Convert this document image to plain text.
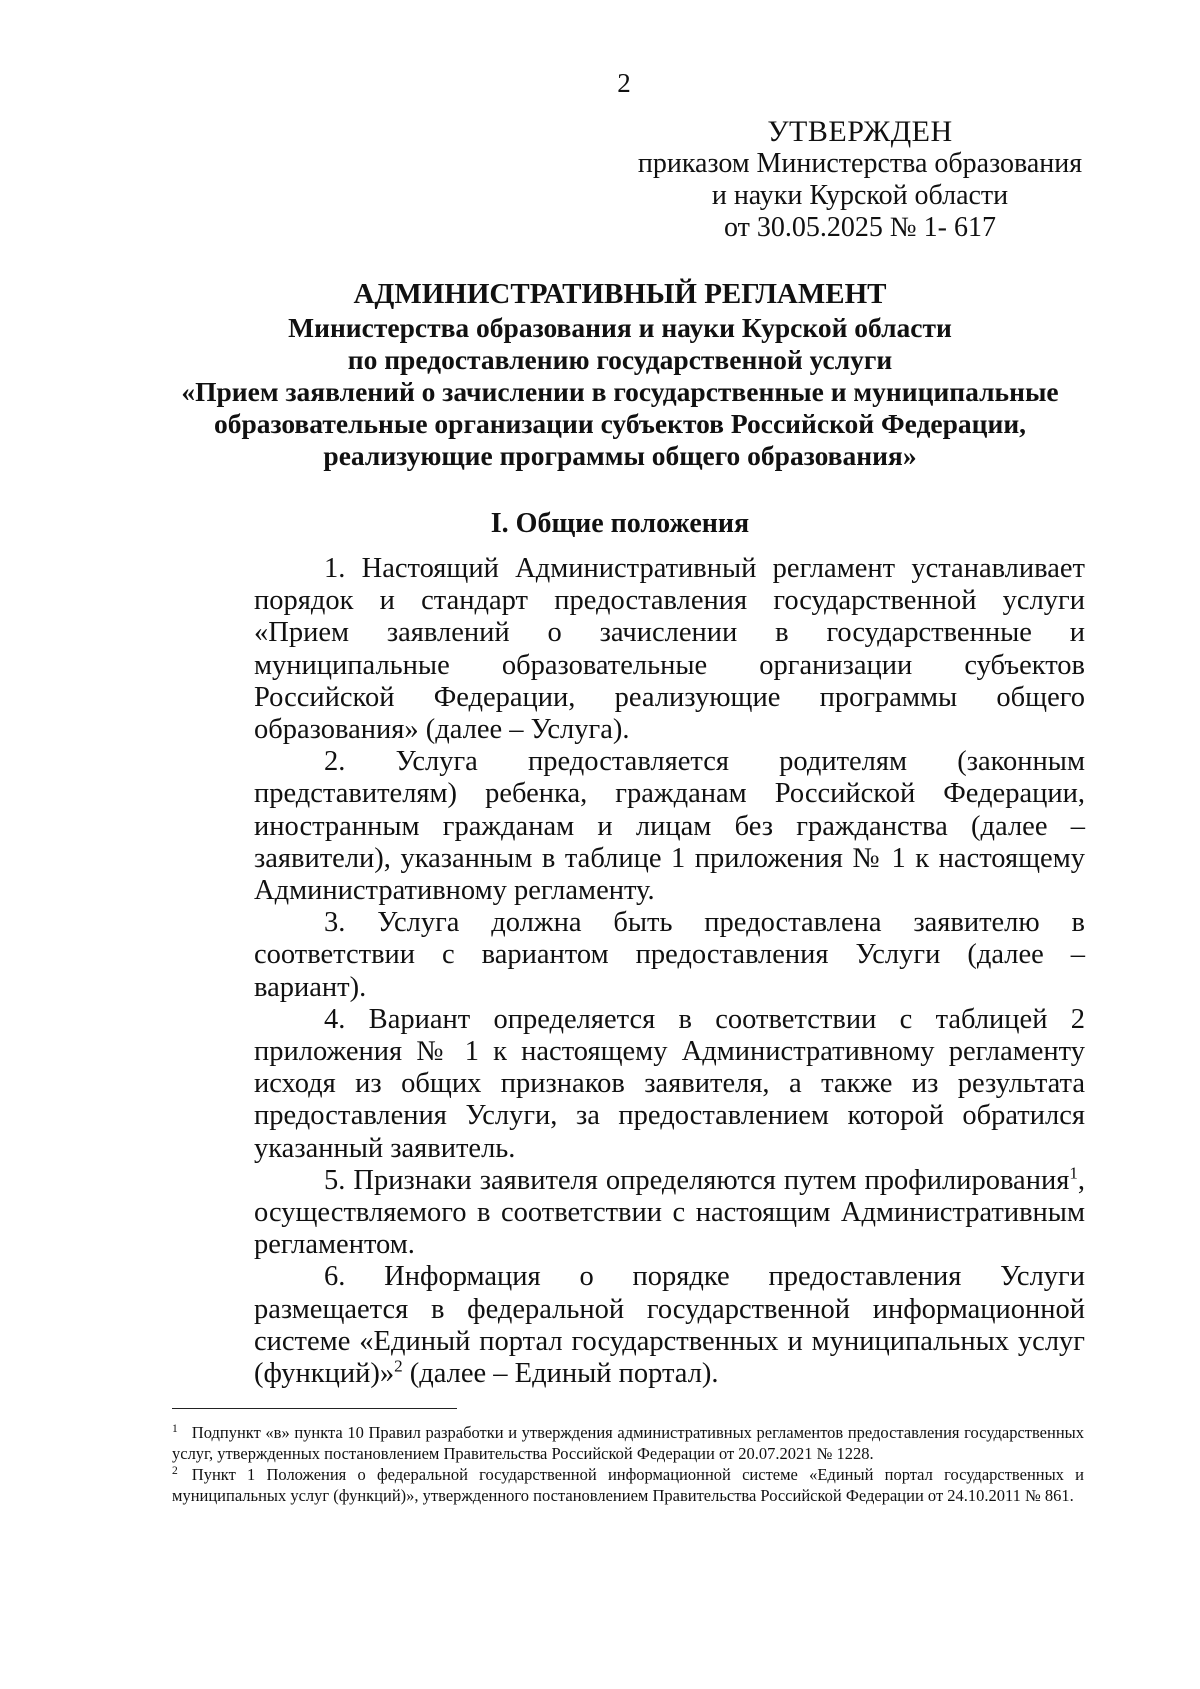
2
УТВЕРЖДЕН
приказом Министерства образования
и науки Курской области
от 30.05.2025 № 1- 617
АДМИНИСТРАТИВНЫЙ РЕГЛАМЕНТ
Министерства образования и науки Курской области
по предоставлению государственной услуги
«Прием заявлений о зачислении в государственные и муниципальные
образовательные организации субъектов Российской Федерации,
реализующие программы общего образования»
I. Общие положения

1. Настоящий Административный регламент устанавливает порядок и стандарт предоставления государственной услуги «Прием заявлений о зачислении в государственные и муниципальные образовательные организации субъектов Российской Федерации, реализующие программы общего образования» (далее – Услуга).

2. Услуга предоставляется родителям (законным представителям) ребенка, гражданам Российской Федерации, иностранным гражданам и лицам без гражданства (далее – заявители), указанным в таблице 1 приложения № 1 к настоящему Административному регламенту.

3. Услуга должна быть предоставлена заявителю в соответствии с вариантом предоставления Услуги (далее – вариант).

4. Вариант определяется в соответствии с таблицей 2 приложения № 1 к настоящему Административному регламенту исходя из общих признаков заявителя, а также из результата предоставления Услуги, за предоставлением которой обратился указанный заявитель.

5. Признаки заявителя определяются путем профилирования$^1$, осуществляемого в соответствии с настоящим Административным регламентом.

6. Информация о порядке предоставления Услуги размещается в федеральной государственной информационной системе «Единый портал государственных и муниципальных услуг (функций)»$^2$ (далее – Единый портал).

$^1$ Подпункт «в» пункта 10 Правил разработки и утверждения административных регламентов предоставления государственных услуг, утвержденных постановлением Правительства Российской Федерации от 20.07.2021 № 1228.

$^2$ Пункт 1 Положения о федеральной государственной информационной системе «Единый портал государственных и муниципальных услуг (функций)», утвержденного постановлением Правительства Российской Федерации от 24.10.2011 № 861.
